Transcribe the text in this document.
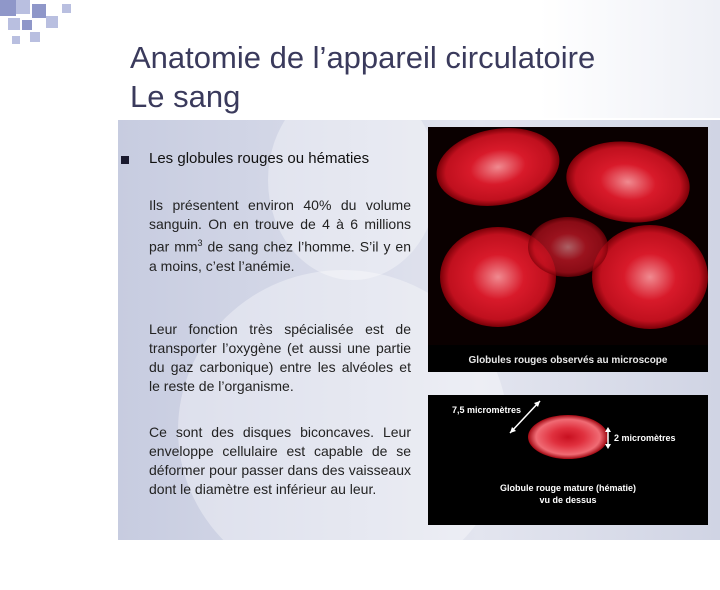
Anatomie de l’appareil circulatoire
Le sang
Les globules rouges ou hématies
Ils présentent environ 40% du volume sanguin. On en trouve de 4 à 6 millions par $mm^3$ de sang chez l’homme. S’il y en a moins, c’est l’anémie.
Leur fonction très spécialisée est de transporter l’oxygène (et aussi une partie du gaz carbonique) entre les alvéoles et le reste de l’organisme.
Ce sont des disques biconcaves. Leur enveloppe cellulaire est capable de se déformer pour passer dans des vaisseaux dont le diamètre est inférieur au leur.
Globules rouges observés au microscope
7,5 micromètres
2 micromètres
Globule rouge mature (hématie)
vu de dessus
